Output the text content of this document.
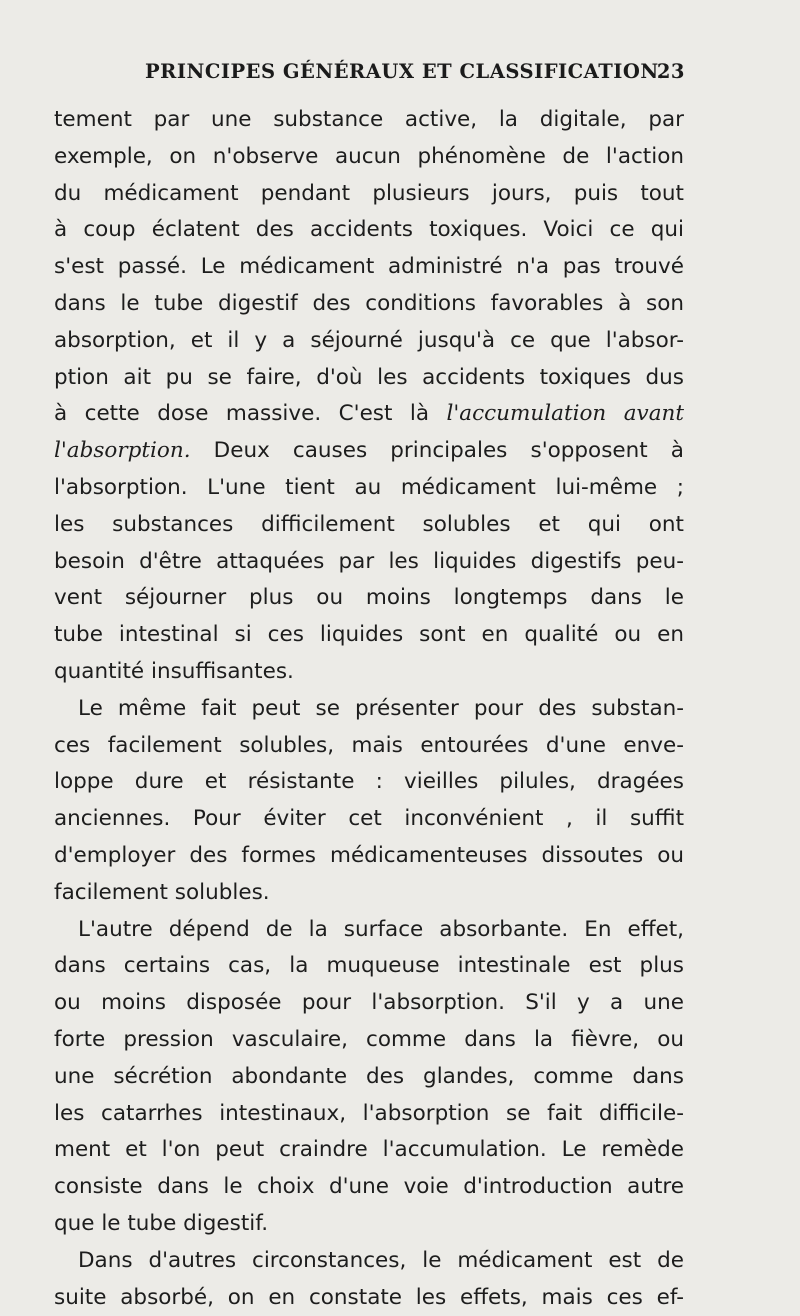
PRINCIPES GÉNÉRAUX ET CLASSIFICATION.
23
tement par une substance active, la digitale, par
exemple, on n'observe aucun phénomène de l'action
du médicament pendant plusieurs jours, puis tout
à coup éclatent des accidents toxiques. Voici ce qui
s'est passé. Le médicament administré n'a pas trouvé
dans le tube digestif des conditions favorables à son
absorption, et il y a séjourné jusqu'à ce que l'absor-
ption ait pu se faire, d'où les accidents toxiques dus
à cette dose massive. C'est là l'accumulation avant
l'absorption. Deux causes principales s'opposent à
l'absorption. L'une tient au médicament lui-même ;
les substances difficilement solubles et qui ont
besoin d'être attaquées par les liquides digestifs peu-
vent séjourner plus ou moins longtemps dans le
tube intestinal si ces liquides sont en qualité ou en
quantité insuffisantes.
Le même fait peut se présenter pour des substan-
ces facilement solubles, mais entourées d'une enve-
loppe dure et résistante : vieilles pilules, dragées
anciennes. Pour éviter cet inconvénient , il suffit
d'employer des formes médicamenteuses dissoutes ou
facilement solubles.
L'autre dépend de la surface absorbante. En effet,
dans certains cas, la muqueuse intestinale est plus
ou moins disposée pour l'absorption. S'il y a une
forte pression vasculaire, comme dans la fièvre, ou
une sécrétion abondante des glandes, comme dans
les catarrhes intestinaux, l'absorption se fait difficile-
ment et l'on peut craindre l'accumulation. Le remède
consiste dans le choix d'une voie d'introduction autre
que le tube digestif.
Dans d'autres circonstances, le médicament est de
suite absorbé, on en constate les effets, mais ces ef-
